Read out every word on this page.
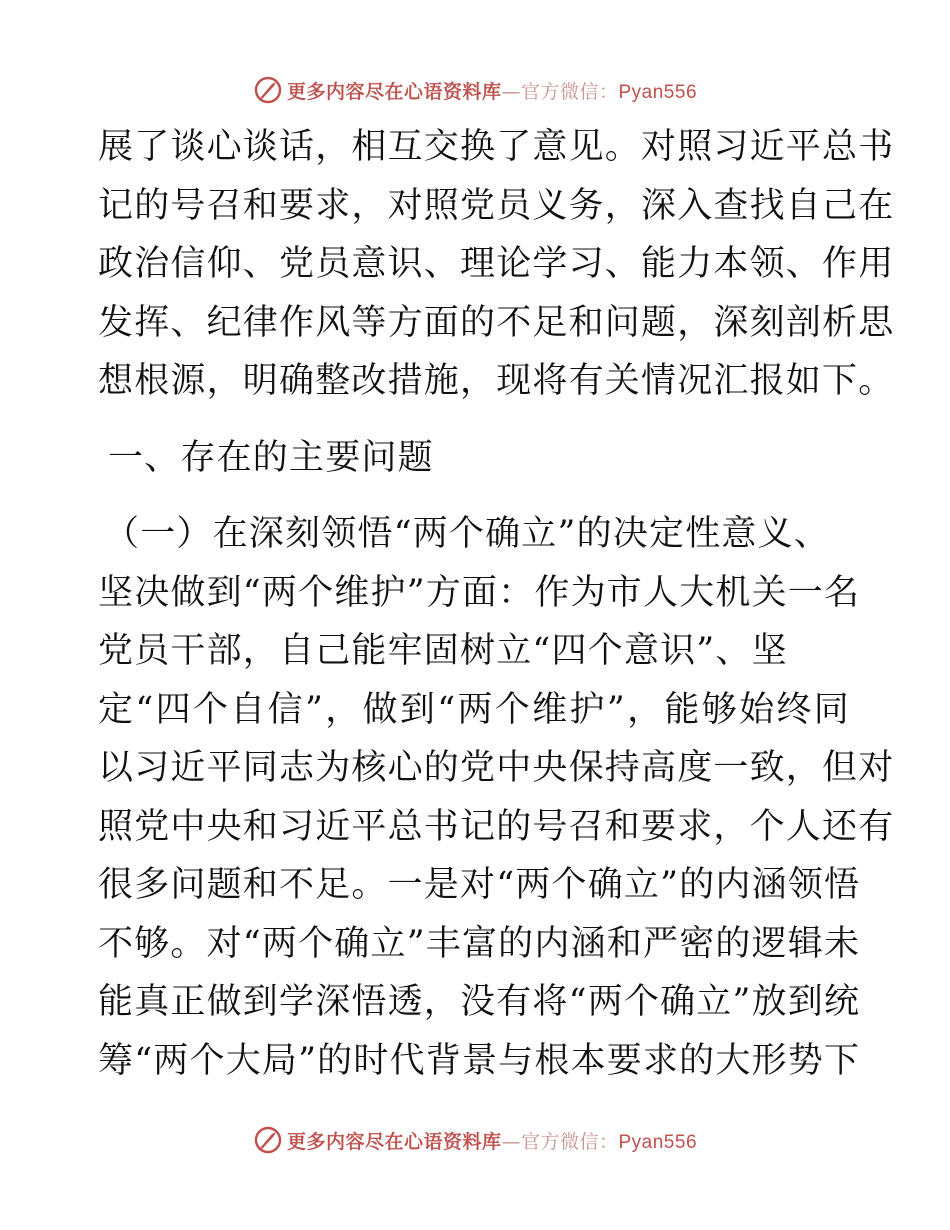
更多内容尽在心语资料库—官方微信：Pyan556
展了谈心谈话，相互交换了意见。对照习近平总书
记的号召和要求，对照党员义务，深入查找自己在
政治信仰、党员意识、理论学习、能力本领、作用
发挥、纪律作风等方面的不足和问题，深刻剖析思
想根源，明确整改措施，现将有关情况汇报如下。
一、存在的主要问题
（一）在深刻领悟“两个确立”的决定性意义、
坚决做到“两个维护”方面：作为市人大机关一名
党员干部，自己能牢固树立“四个意识”、坚
定“四个自信”，做到“两个维护”，能够始终同
以习近平同志为核心的党中央保持高度一致，但对
照党中央和习近平总书记的号召和要求，个人还有
很多问题和不足。一是对“两个确立”的内涵领悟
不够。对“两个确立”丰富的内涵和严密的逻辑未
能真正做到学深悟透，没有将“两个确立”放到统
筹“两个大局”的时代背景与根本要求的大形势下
更多内容尽在心语资料库—官方微信：Pyan556
